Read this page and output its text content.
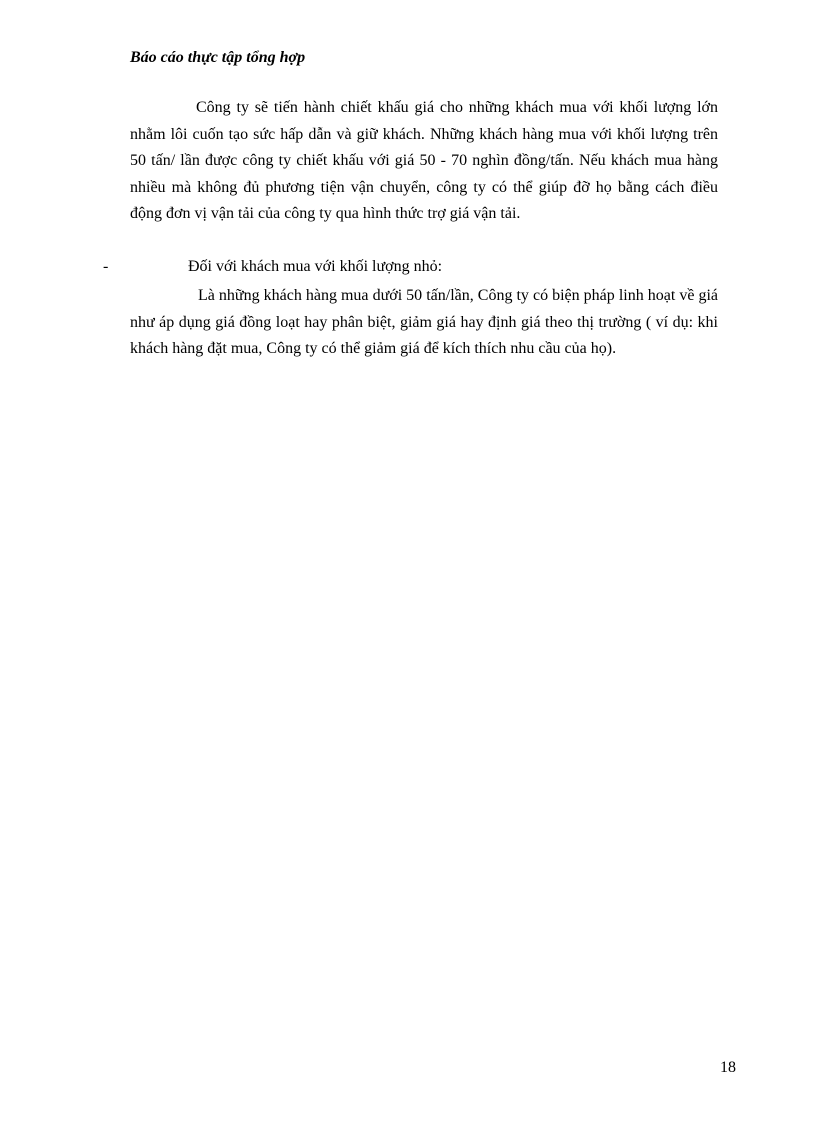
Báo cáo thực tập tổng hợp
Công ty sẽ tiến hành chiết khấu giá cho những khách mua với khối lượng lớn nhằm lôi cuốn tạo sức hấp dẫn và giữ khách. Những khách hàng mua với khối lượng trên 50 tấn/ lần được công ty chiết khấu với giá 50 - 70 nghìn đồng/tấn. Nếu khách mua hàng nhiều mà không đủ phương tiện vận chuyển, công ty có thể giúp đỡ họ bằng cách điều động đơn vị vận tải của công ty qua hình thức trợ giá vận tải.
-	Đối với khách mua với khối lượng nhỏ:
Là những khách hàng mua dưới 50 tấn/lần, Công ty có biện pháp linh hoạt về giá như áp dụng giá đồng loạt hay phân biệt, giảm giá hay định giá theo thị trường ( ví dụ: khi khách hàng đặt mua, Công ty có thể giảm giá để kích thích nhu cầu của họ).
18
